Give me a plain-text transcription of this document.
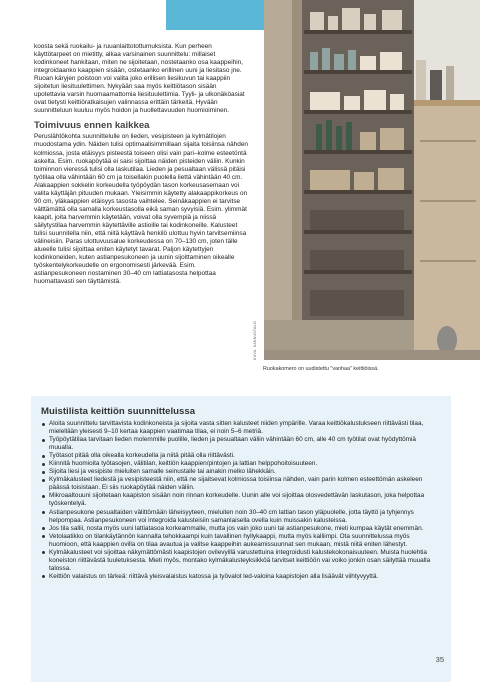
koosta sekä ruokailu- ja ruuanlaittotottumuksista. Kun perheen käyttötarpeet on mietitty, alkaa varsinainen suunnittelu: millaiset kodinkoneet hankitaan, miten ne sijoitetaan, nostetaanko osa kaappeihin, integroidaanko kaappien sisään, ostetaanko erillinen uuni ja liesitaso jne. Ruoan käryjen poistoon voi valita joko erillisen liesikuvun tai kaappiin sijoitetun liesituulettimen. Nykyään saa myös keittiötason sisään upotettavia varsin huomaamattomia liesituulettimia. Tyyli- ja ulkonäköasiat ovat tietysti keittiöratkaisujen valinnassa erittäin tärkeitä. Hyvään suunnitteluun kuuluu myös hoidon ja huollettavuuden huomioiminen.

Toimivuus ennen kaikkea

Peruslähtökohta suunnittelulle on lieden, vesipisteen ja kylmätilojen muodostama ydin. Näiden tulisi optimaalisimmillaan sijaita toisiinsa nähden kolmiossa, josta etäisyys pisteestä toiseen olisi vain pari–kolme esteetöntä askelta. Esim. ruokapöytää ei saisi sijoittaa näiden pisteiden väliin. Kunkin toiminnon vieressä tulisi olla laskutilaa. Lieden ja pesualtaan välissä pitäisi työtilaa olla vähintään 60 cm ja toisellakin puolella liettä vähintään 40 cm. Alakaappien sokkelin korkeudella työpöydän tason korkeusasemaan voi valita käyttäjän pituuden mukaan. Yleisimmin käytetty alakaappikorkeus on 90 cm, yläkaappien etäisyys tasosta vaihtelee. Seinäkaappien ei tarvitse välttämättä olla samalla korkeustasolla eikä saman syvyisiä. Esim. ylimmät kaapit, joita harvemmin käytetään, voivat olla syvempiä ja niissä säilytystilaa harvemmin käytettäville astioille tai kodinkoneille. Kalusteet tulisi suunnitella niin, että niitä käyttävä henkilö ulottuu hyvin tarvitsemiinsa välineisiin. Paras ulottuvuusalue korkeudessa on 70–130 cm, joten tälle alueelle tulisi sijoittaa eniten käytetyt tavarat. Paljon käytettyjen kodinkoneiden, kuten astianpesukoneen ja uunin sijoittaminen oikealle työskentelykorkeudelle on ergonomisesti järkevää. Esim. astianpesukoneen nostaminen 30–40 cm lattiatasosta helpottaa huomattavasti sen täyttämistä.

KUVA: KANNUSTALO
Ruokakomero on uudistettu "vanhaa" keittiöissä.
Muistilista keittiön suunnittelussa
Aloita suunnittelu tarvittavista kodinkoneista ja sijoita vasta sitten kalusteet niiden ympärille. Varaa keittiökalustukseen riittävästi tilaa, mielellään yleisesti 9–10 kertaa kaappien vaatimaa tilaa, ei noin 5–6 metriä.
Työpöytätilaa tarvitaan lieden molemmille puolille, lieden ja pesualtaan väliin vähintään 60 cm, alle 40 cm työtilat ovat hyödyttömiä muualla.
Työtasot pitää olla oikealla korkeudella ja niitä pitää olla riittävästi.
Kiinnitä huomioita työtasojen, välitilan, keittiön kaappien/pintojen ja lattian helppohoitoisuuteen.
Sijoita liesi ja vesipiste mieluiten samalle seinustalle tai ainakin melko lähekkäin.
Kylmäkalusteet liedestä ja vesipisteestä niin, että ne sijaitsevat kolmiossa toisiinsa nähden, vain parin kolmen esteettömän askeleen päässä toisistaan. Ei siis ruokapöytää näiden väliin.
Mikroaaltouuni sijoitetaan kaapiston sisään noin rinnan korkeudelle. Uunin alle voi sijoittaa olosvedettävän laskutason, joka helpottaa työskentelyä.
Astianpesukone pesualtaiden välittömään läheisyyteen, mieluiten noin 30–40 cm lattian tason yläpuolelle, jotta täyttö ja tyhjennys helpompaa. Astianpesukoneen voi integroida kalusteisiin samanlaisella ovella kuin muissakin kalusteissa.
Jos tila sallii, nosta myös uuni lattiatasoa korkeammalle, mutta jos vain joko uuni tai astianpesukone, mieti kumpaa käytät enemmän.
Vetolaatikko on tilankäytännön kannalta tehokkaampi kuin tavallinen hyllykaappi, mutta myös kalliimpi. Ota suunnittelussa myös huomioon, että kaappien ovilla on tilaa avautua ja valitse kaappeihin aukeamissuunnat sen mukaan, mistä niitä eniten lähestyt.
Kylmäkalusteet voi sijoittaa näkymättömästi kaapistojen ovilevyillä varustettuina integroidusti kalustekokonaisuuteen. Muista huolehtia koneiston riittävästä tuuletuksesta. Mieti myös, montako kylmäkalusteyksikköä tarvitset keittiöön vai voiko jonkin osan säilyttää muualla talossa.
Keittiön valaistus on tärkeä: riittävä yleisvalaistus katossa ja työvalot led-valoina kaapistojen alla lisäävät viihtyvyyttä.
35
